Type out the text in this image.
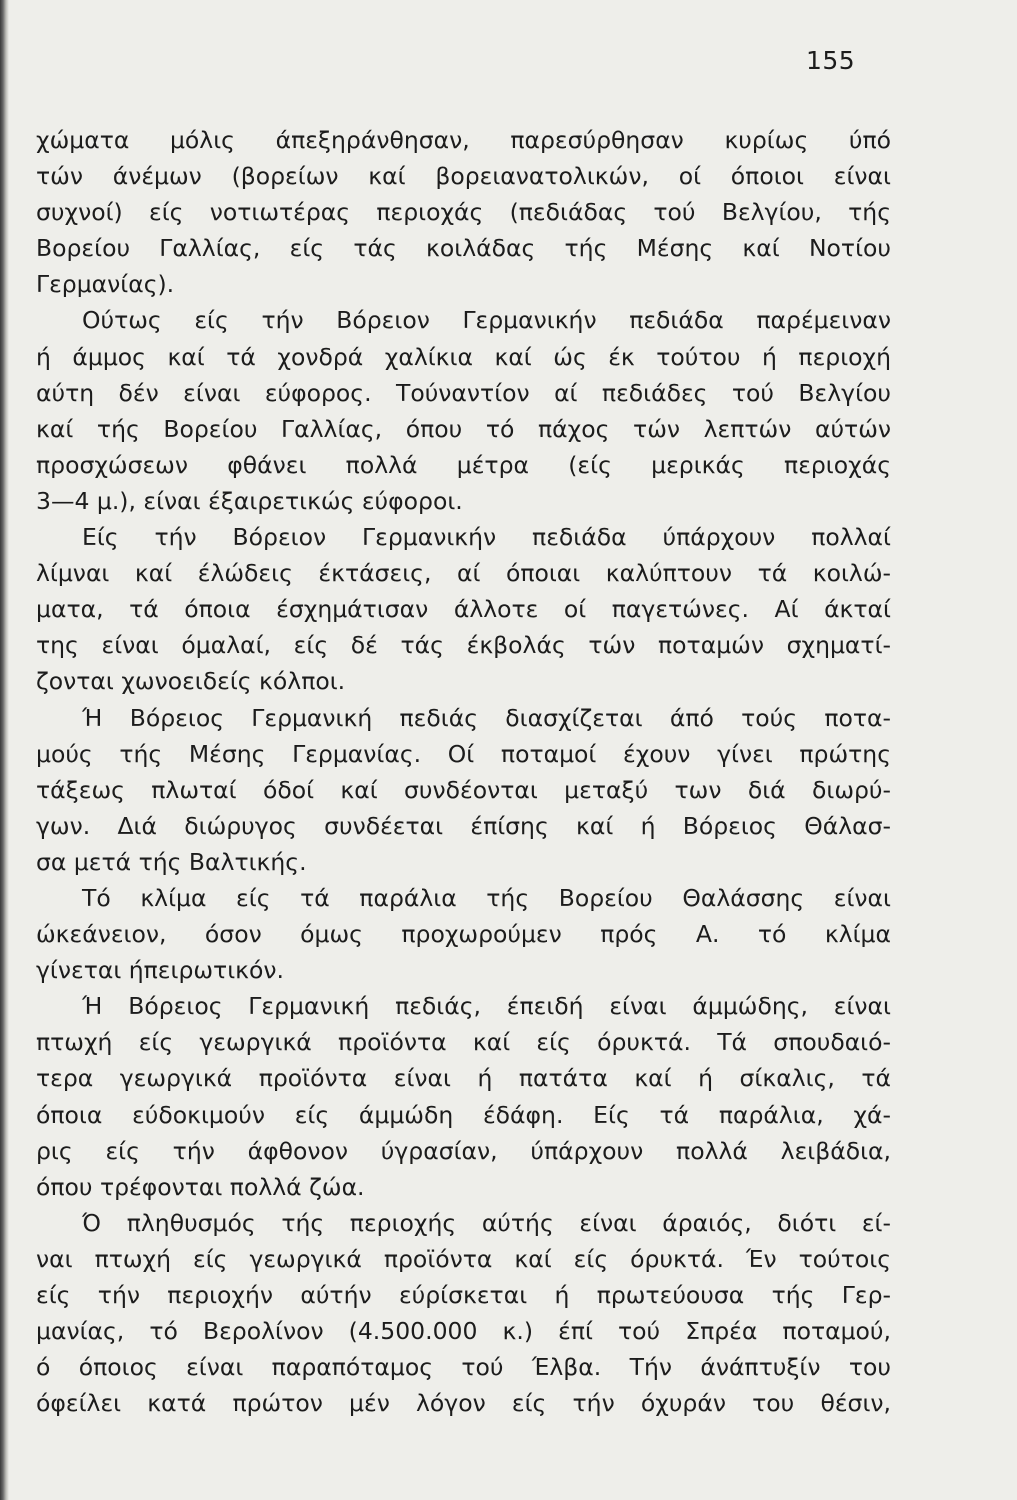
155
χώματα μόλις άπεξηράνθησαν, παρεσύρθησαν κυρίως ύπό
τών άνέμων (βορείων καί βορειανατολικών, οί όποιοι είναι
συχνοί) είς νοτιωτέρας περιοχάς (πεδιάδας τού Βελγίου, τής
Βορείου Γαλλίας, είς τάς κοιλάδας τής Μέσης καί Νοτίου
Γερμανίας).
Ούτως είς τήν Βόρειον Γερμανικήν πεδιάδα παρέμειναν
ή άμμος καί τά χονδρά χαλίκια καί ώς έκ τούτου ή περιοχή
αύτη δέν είναι εύφορος. Τούναντίον αί πεδιάδες τού Βελγίου
καί τής Βορείου Γαλλίας, όπου τό πάχος τών λεπτών αύτών
προσχώσεων φθάνει πολλά μέτρα (είς μερικάς περιοχάς
3—4 μ.), είναι έξαιρετικώς εύφοροι.
Είς τήν Βόρειον Γερμανικήν πεδιάδα ύπάρχουν πολλαί
λίμναι καί έλώδεις έκτάσεις, αί όποιαι καλύπτουν τά κοιλώ-
ματα, τά όποια έσχημάτισαν άλλοτε οί παγετώνες. Αί άκταί
της είναι όμαλαί, είς δέ τάς έκβολάς τών ποταμών σχηματί-
ζονται χωνοειδείς κόλποι.
Ή Βόρειος Γερμανική πεδιάς διασχίζεται άπό τούς ποτα-
μούς τής Μέσης Γερμανίας. Οί ποταμοί έχουν γίνει πρώτης
τάξεως πλωταί όδοί καί συνδέονται μεταξύ των διά διωρύ-
γων. Διά διώρυγος συνδέεται έπίσης καί ή Βόρειος Θάλασ-
σα μετά τής Βαλτικής.
Τό κλίμα είς τά παράλια τής Βορείου Θαλάσσης είναι
ώκεάνειον, όσον όμως προχωρούμεν πρός Α. τό κλίμα
γίνεται ήπειρωτικόν.
Ή Βόρειος Γερμανική πεδιάς, έπειδή είναι άμμώδης, είναι
πτωχή είς γεωργικά προϊόντα καί είς όρυκτά. Τά σπουδαιό-
τερα γεωργικά προϊόντα είναι ή πατάτα καί ή σίκαλις, τά
όποια εύδοκιμούν είς άμμώδη έδάφη. Είς τά παράλια, χά-
ρις είς τήν άφθονον ύγρασίαν, ύπάρχουν πολλά λειβάδια,
όπου τρέφονται πολλά ζώα.
Ό πληθυσμός τής περιοχής αύτής είναι άραιός, διότι εί-
ναι πτωχή είς γεωργικά προϊόντα καί είς όρυκτά. Έν τούτοις
είς τήν περιοχήν αύτήν εύρίσκεται ή πρωτεύουσα τής Γερ-
μανίας, τό Βερολίνον (4.500.000 κ.) έπί τού Σπρέα ποταμού,
ό όποιος είναι παραπόταμος τού Έλβα. Τήν άνάπτυξίν του
όφείλει κατά πρώτον μέν λόγον είς τήν όχυράν του θέσιν,
